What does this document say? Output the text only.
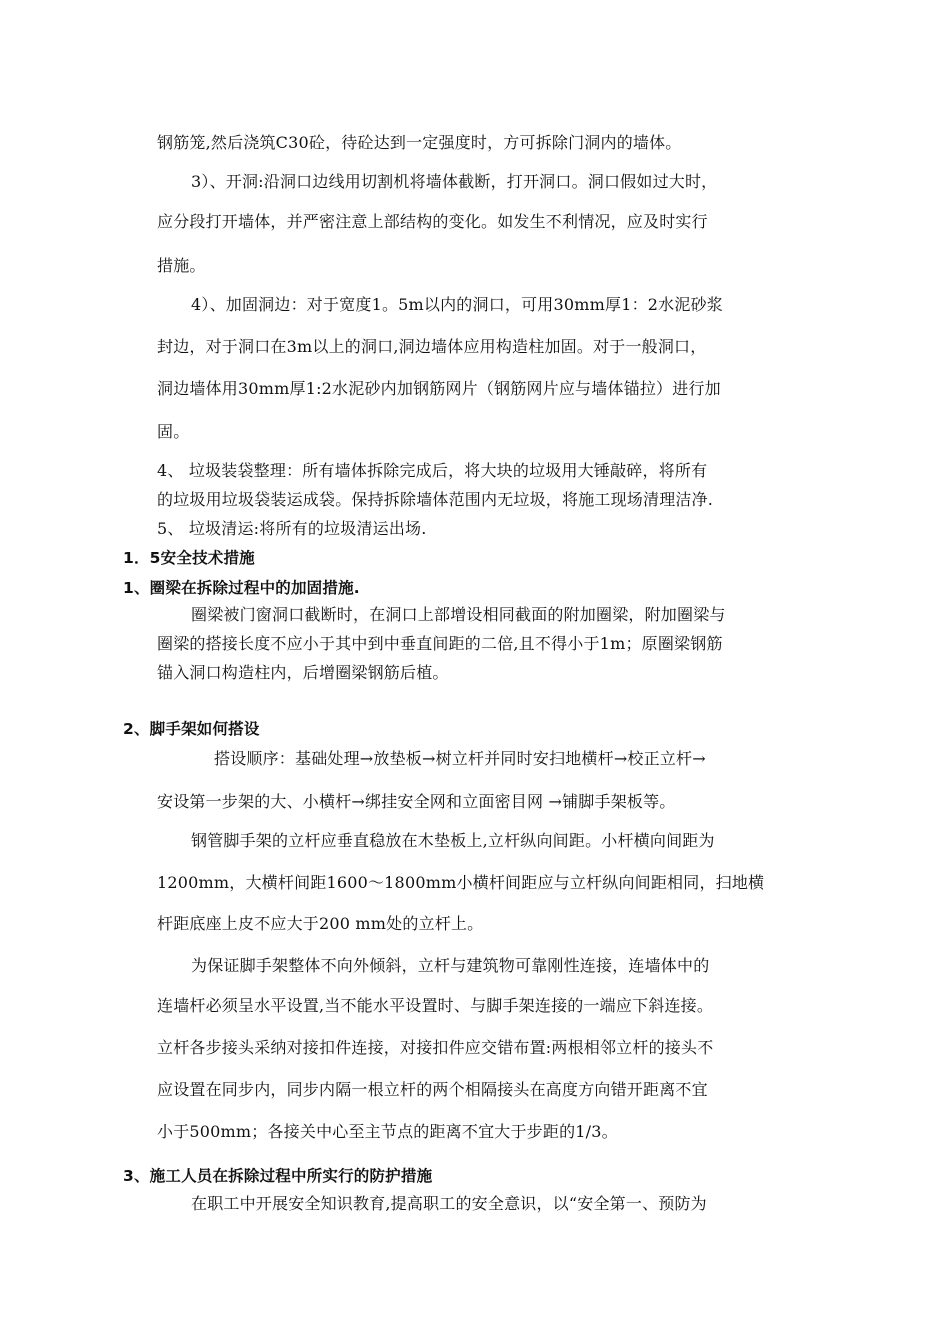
钢筋笼,然后浇筑C30砼，待砼达到一定强度时，方可拆除门洞内的墙体。
3）、开洞:沿洞口边线用切割机将墙体截断，打开洞口。洞口假如过大时，
应分段打开墙体，并严密注意上部结构的变化。如发生不利情况，应及时实行
措施。
4）、加固洞边：对于宽度1。5m以内的洞口，可用30mm厚1：2水泥砂浆
封边，对于洞口在3m以上的洞口,洞边墙体应用构造柱加固。对于一般洞口，
洞边墙体用30mm厚1:2水泥砂内加钢筋网片（钢筋网片应与墙体锚拉）进行加
固。
4、 垃圾装袋整理：所有墙体拆除完成后，将大块的垃圾用大锤敲碎，将所有
的垃圾用垃圾袋装运成袋。保持拆除墙体范围内无垃圾，将施工现场清理洁净.
5、 垃圾清运:将所有的垃圾清运出场.
1．5安全技术措施
1、圈梁在拆除过程中的加固措施.
圈梁被门窗洞口截断时，在洞口上部增设相同截面的附加圈梁，附加圈梁与
圈梁的搭接长度不应小于其中到中垂直间距的二倍,且不得小于1m；原圈梁钢筋
锚入洞口构造柱内，后增圈梁钢筋后植。
2、脚手架如何搭设
搭设顺序：基础处理→放垫板→树立杆并同时安扫地横杆→校正立杆→
安设第一步架的大、小横杆→绑挂安全网和立面密目网 →铺脚手架板等。
钢管脚手架的立杆应垂直稳放在木垫板上,立杆纵向间距。小杆横向间距为
1200mm，大横杆间距1600～1800mm小横杆间距应与立杆纵向间距相同，扫地横
杆距底座上皮不应大于200 mm处的立杆上。
为保证脚手架整体不向外倾斜，立杆与建筑物可靠刚性连接，连墙体中的
连墙杆必须呈水平设置,当不能水平设置时、与脚手架连接的一端应下斜连接。
立杆各步接头采纳对接扣件连接，对接扣件应交错布置:两根相邻立杆的接头不
应设置在同步内，同步内隔一根立杆的两个相隔接头在高度方向错开距离不宜
小于500mm；各接关中心至主节点的距离不宜大于步距的1/3。
3、施工人员在拆除过程中所实行的防护措施
在职工中开展安全知识教育,提高职工的安全意识，以“安全第一、预防为
